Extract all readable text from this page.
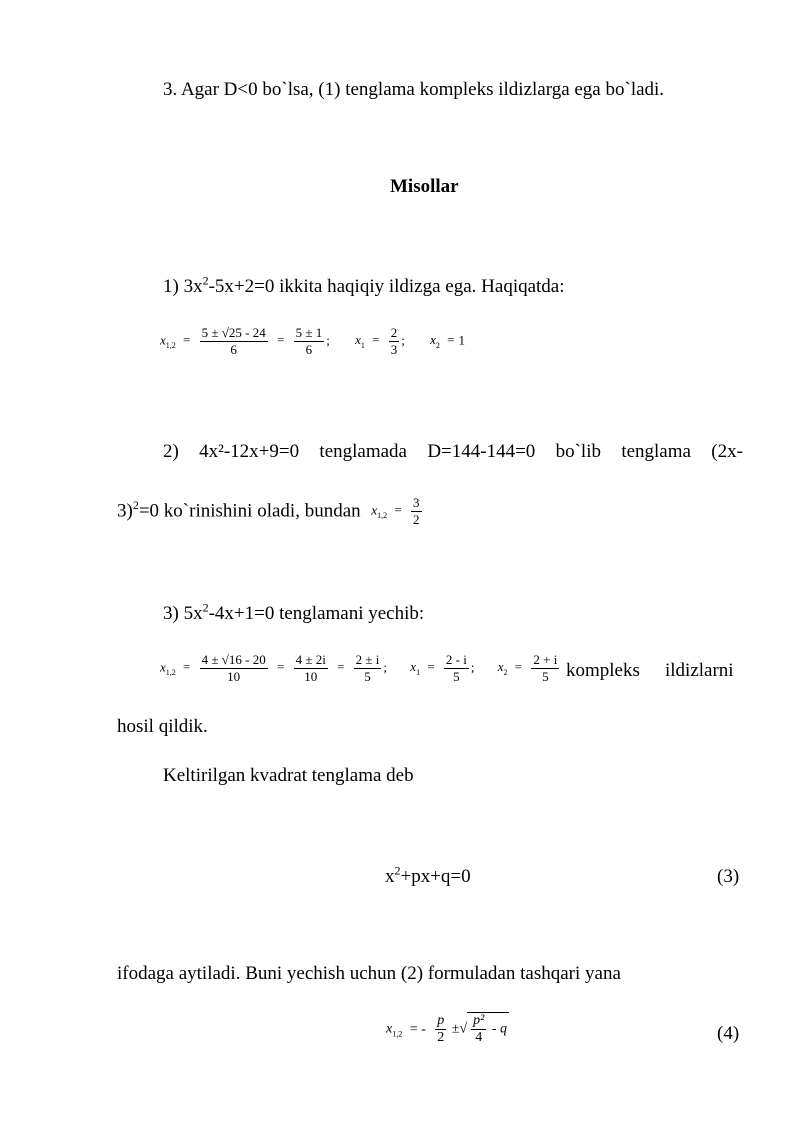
3. Agar D<0 bo`lsa, (1) tenglama kompleks ildizlarga ega bo`ladi.
Misollar
1) $3x^2-5x+2=0$ ikkita haqiqiy ildizga ega. Haqiqatda:
$x_{1,2} = \frac{5 \pm √25 - 24}{6} = \frac{5 \pm 1}{6}$ ; $x_1 = \frac{2}{3}$ ; $x_2 = 1$
2) 4x²-12x+9=0 tenglamada D=144-144=0 bo`lib tenglama (2x-
3)$^2$=0 ko`rinishini oladi, bundan $x_{1,2} = \frac{3}{2}$
3) $5x^2-4x+1=0$ tenglamani yechib:
$x_{1,2} = \frac{4 \pm √16 - 20}{10} = \frac{4 \pm 2i}{10} = \frac{2 \pm i}{5}$ ; $x_1 = \frac{2 - i}{5}$ ; $x_2 = \frac{2 + i}{5}$ kompleks ildizlarni
hosil qildik.
Keltirilgan kvadrat tenglama deb
$x^2+px+q=0$	(3)
ifodaga aytiladi. Buni yechish uchun (2) formuladan tashqari yana
$x_{1,2}$ = - $\frac{p}{2}$ ±√ $\frac{\text{p²}}{4}$ - q	(4)
